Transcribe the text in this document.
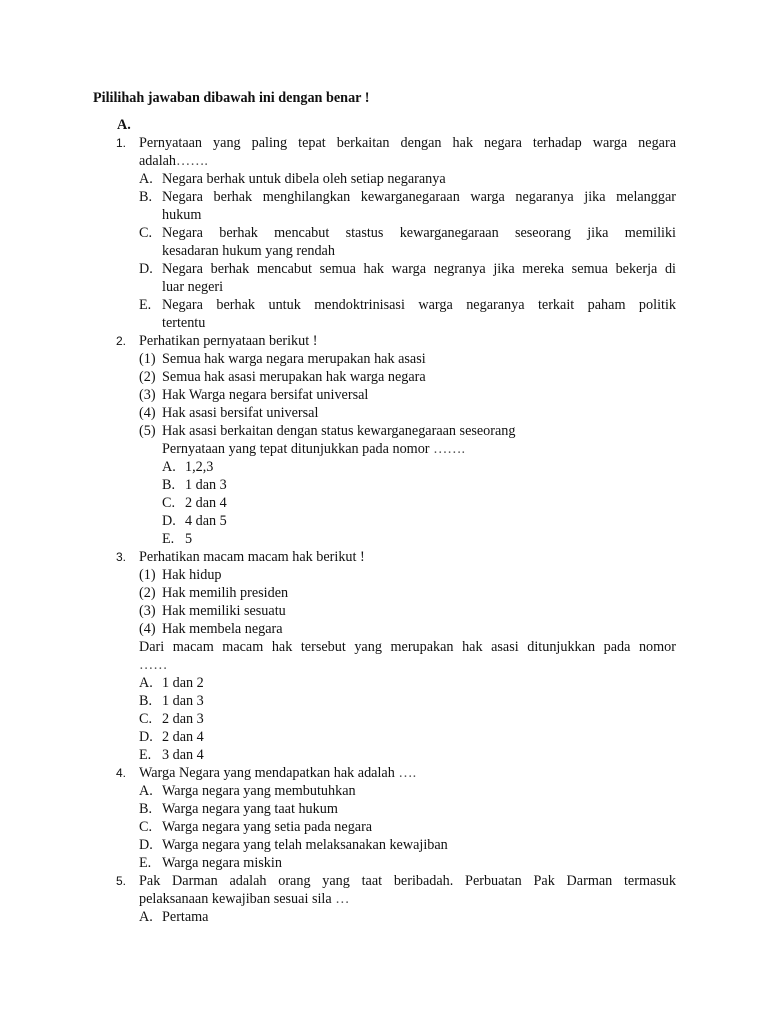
Pililihah jawaban dibawah ini dengan benar !
A.
1. Pernyataan yang paling tepat berkaitan dengan hak negara terhadap warga negara
adalah…….
A. Negara berhak untuk dibela oleh setiap negaranya
B. Negara berhak menghilangkan kewarganegaraan warga negaranya jika melanggar
hukum
C. Negara berhak mencabut stastus kewarganegaraan seseorang jika memiliki
kesadaran hukum yang rendah
D. Negara berhak mencabut semua hak warga negranya jika mereka semua bekerja di
luar negeri
E. Negara berhak untuk mendoktrinisasi warga negaranya terkait paham politik
tertentu
2. Perhatikan pernyataan berikut !
(1) Semua hak warga negara merupakan hak asasi
(2) Semua hak asasi merupakan hak warga negara
(3) Hak Warga negara bersifat universal
(4) Hak asasi bersifat universal
(5) Hak asasi berkaitan dengan status kewarganegaraan seseorang
Pernyataan yang tepat ditunjukkan pada nomor …….
A. 1,2,3
B. 1 dan 3
C. 2 dan 4
D. 4 dan 5
E. 5
3. Perhatikan macam macam hak berikut !
(1) Hak hidup
(2) Hak memilih presiden
(3) Hak memiliki sesuatu
(4) Hak membela negara
Dari macam macam hak tersebut yang merupakan hak asasi ditunjukkan pada nomor
……
A. 1 dan 2
B. 1 dan 3
C. 2 dan 3
D. 2 dan 4
E. 3 dan 4
4. Warga Negara yang mendapatkan hak adalah ….
A. Warga negara yang membutuhkan
B. Warga negara yang taat hukum
C. Warga negara yang setia pada negara
D. Warga negara yang telah melaksanakan kewajiban
E. Warga negara miskin
5. Pak Darman adalah orang yang taat beribadah. Perbuatan Pak Darman termasuk
pelaksanaan kewajiban sesuai sila …
A. Pertama
